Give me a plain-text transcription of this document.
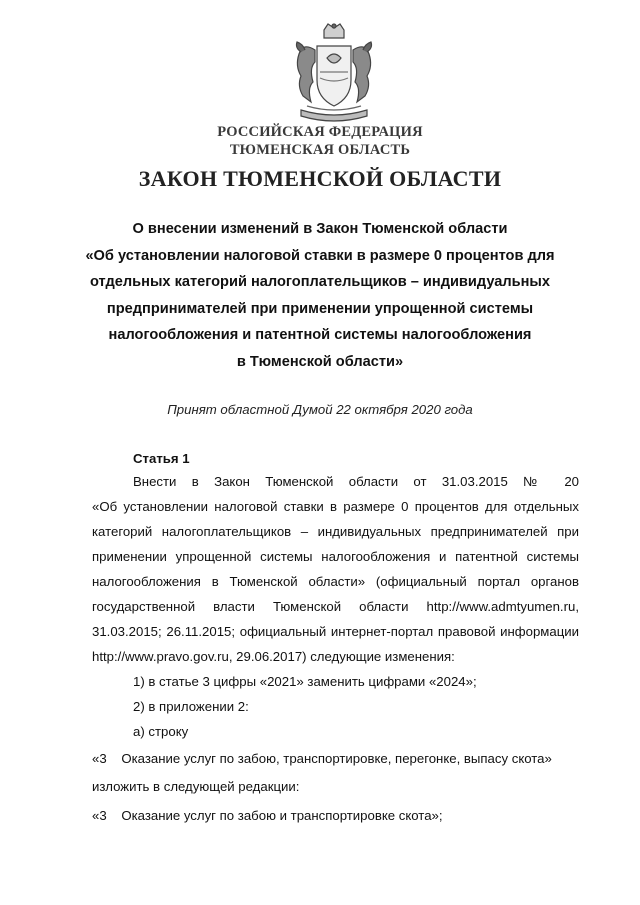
РОССИЙСКАЯ ФЕДЕРАЦИЯ
ТЮМЕНСКАЯ ОБЛАСТЬ
ЗАКОН ТЮМЕНСКОЙ ОБЛАСТИ
О внесении изменений в Закон Тюменской области
«Об установлении налоговой ставки в размере 0 процентов для
отдельных категорий налогоплательщиков – индивидуальных
предпринимателей при применении упрощенной системы
налогообложения и патентной системы налогообложения
в Тюменской области»
Принят областной Думой 22 октября 2020 года
Статья 1
Внести в Закон Тюменской области от 31.03.2015 № 20
«Об установлении налоговой ставки в размере 0 процентов для отдельных
категорий налогоплательщиков – индивидуальных предпринимателей при
применении упрощенной системы налогообложения и патентной системы
налогообложения в Тюменской области» (официальный портал органов
государственной власти Тюменской области http://www.admtyumen.ru,
31.03.2015; 26.11.2015; официальный интернет-портал правовой информации
http://www.pravo.gov.ru, 29.06.2017) следующие изменения:
1) в статье 3 цифры «2021» заменить цифрами «2024»;
2) в приложении 2:
а) строку
«3    Оказание услуг по забою, транспортировке, перегонке, выпасу скота»
изложить в следующей редакции:
«3    Оказание услуг по забою и транспортировке скота»;
